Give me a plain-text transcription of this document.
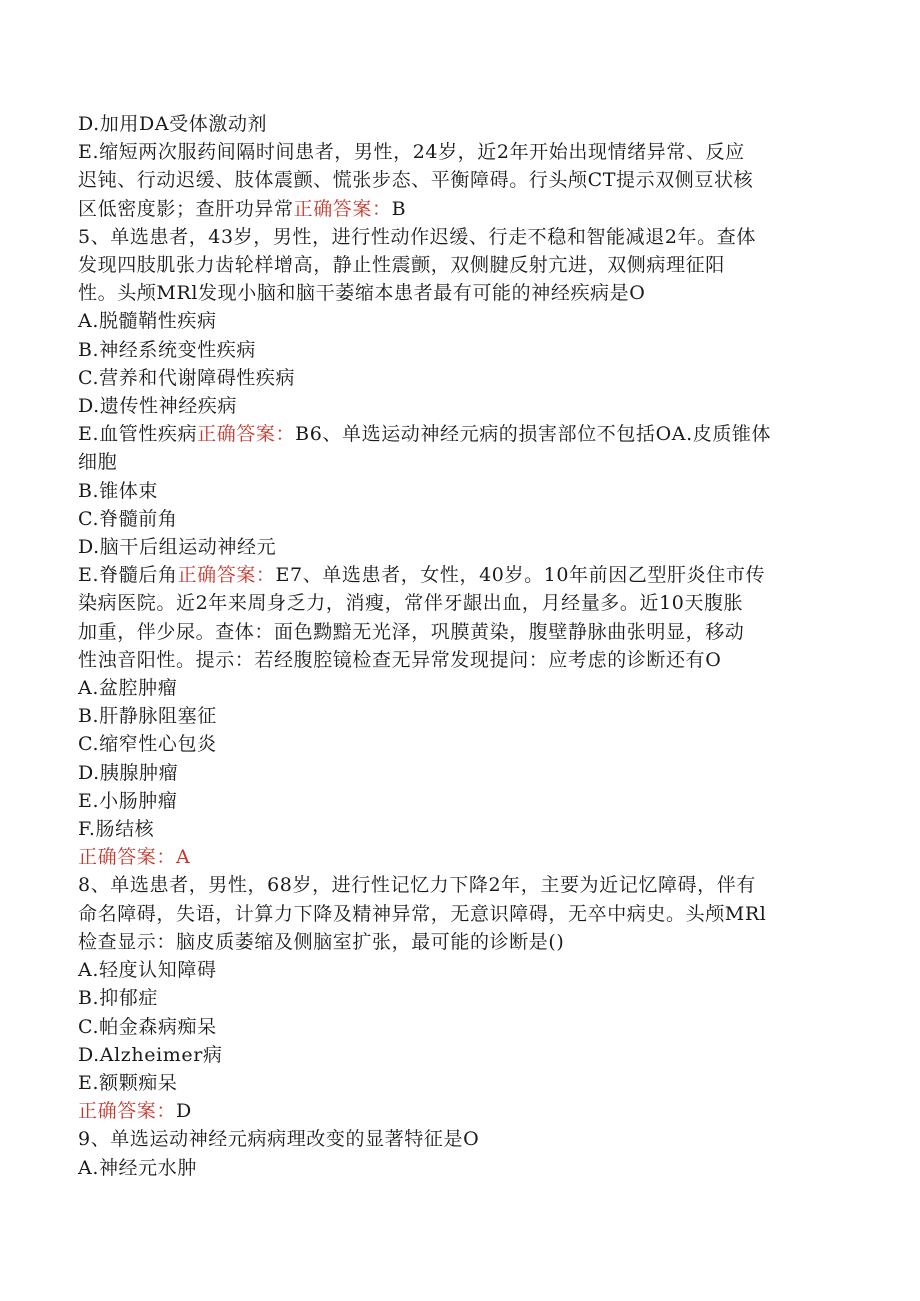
D.加用DA受体激动剂
E.缩短两次服药间隔时间患者，男性，24岁，近2年开始出现情绪异常、反应
迟钝、行动迟缓、肢体震颤、慌张步态、平衡障碍。行头颅CT提示双侧豆状核
区低密度影；查肝功异常正确答案：B
5、单选患者，43岁，男性，进行性动作迟缓、行走不稳和智能减退2年。查体
发现四肢肌张力齿轮样增高，静止性震颤，双侧腱反射亢进，双侧病理征阳
性。头颅MRl发现小脑和脑干萎缩本患者最有可能的神经疾病是O
A.脱髓鞘性疾病
B.神经系统变性疾病
C.营养和代谢障碍性疾病
D.遗传性神经疾病
E.血管性疾病正确答案：B6、单选运动神经元病的损害部位不包括OA.皮质锥体
细胞
B.锥体束
C.脊髓前角
D.脑干后组运动神经元
E.脊髓后角正确答案：E7、单选患者，女性，40岁。10年前因乙型肝炎住市传
染病医院。近2年来周身乏力，消瘦，常伴牙龈出血，月经量多。近10天腹胀
加重，伴少尿。查体：面色黝黯无光泽，巩膜黄染，腹壁静脉曲张明显，移动
性浊音阳性。提示：若经腹腔镜检查无异常发现提问：应考虑的诊断还有O
A.盆腔肿瘤
B.肝静脉阻塞征
C.缩窄性心包炎
D.胰腺肿瘤
E.小肠肿瘤
F.肠结核
正确答案：A
8、单选患者，男性，68岁，进行性记忆力下降2年，主要为近记忆障碍，伴有
命名障碍，失语，计算力下降及精神异常，无意识障碍，无卒中病史。头颅MRl
检查显示：脑皮质萎缩及侧脑室扩张，最可能的诊断是()
A.轻度认知障碍
B.抑郁症
C.帕金森病痴呆
D.Alzheimer病
E.额颗痴呆
正确答案：D
9、单选运动神经元病病理改变的显著特征是O
A.神经元水肿
